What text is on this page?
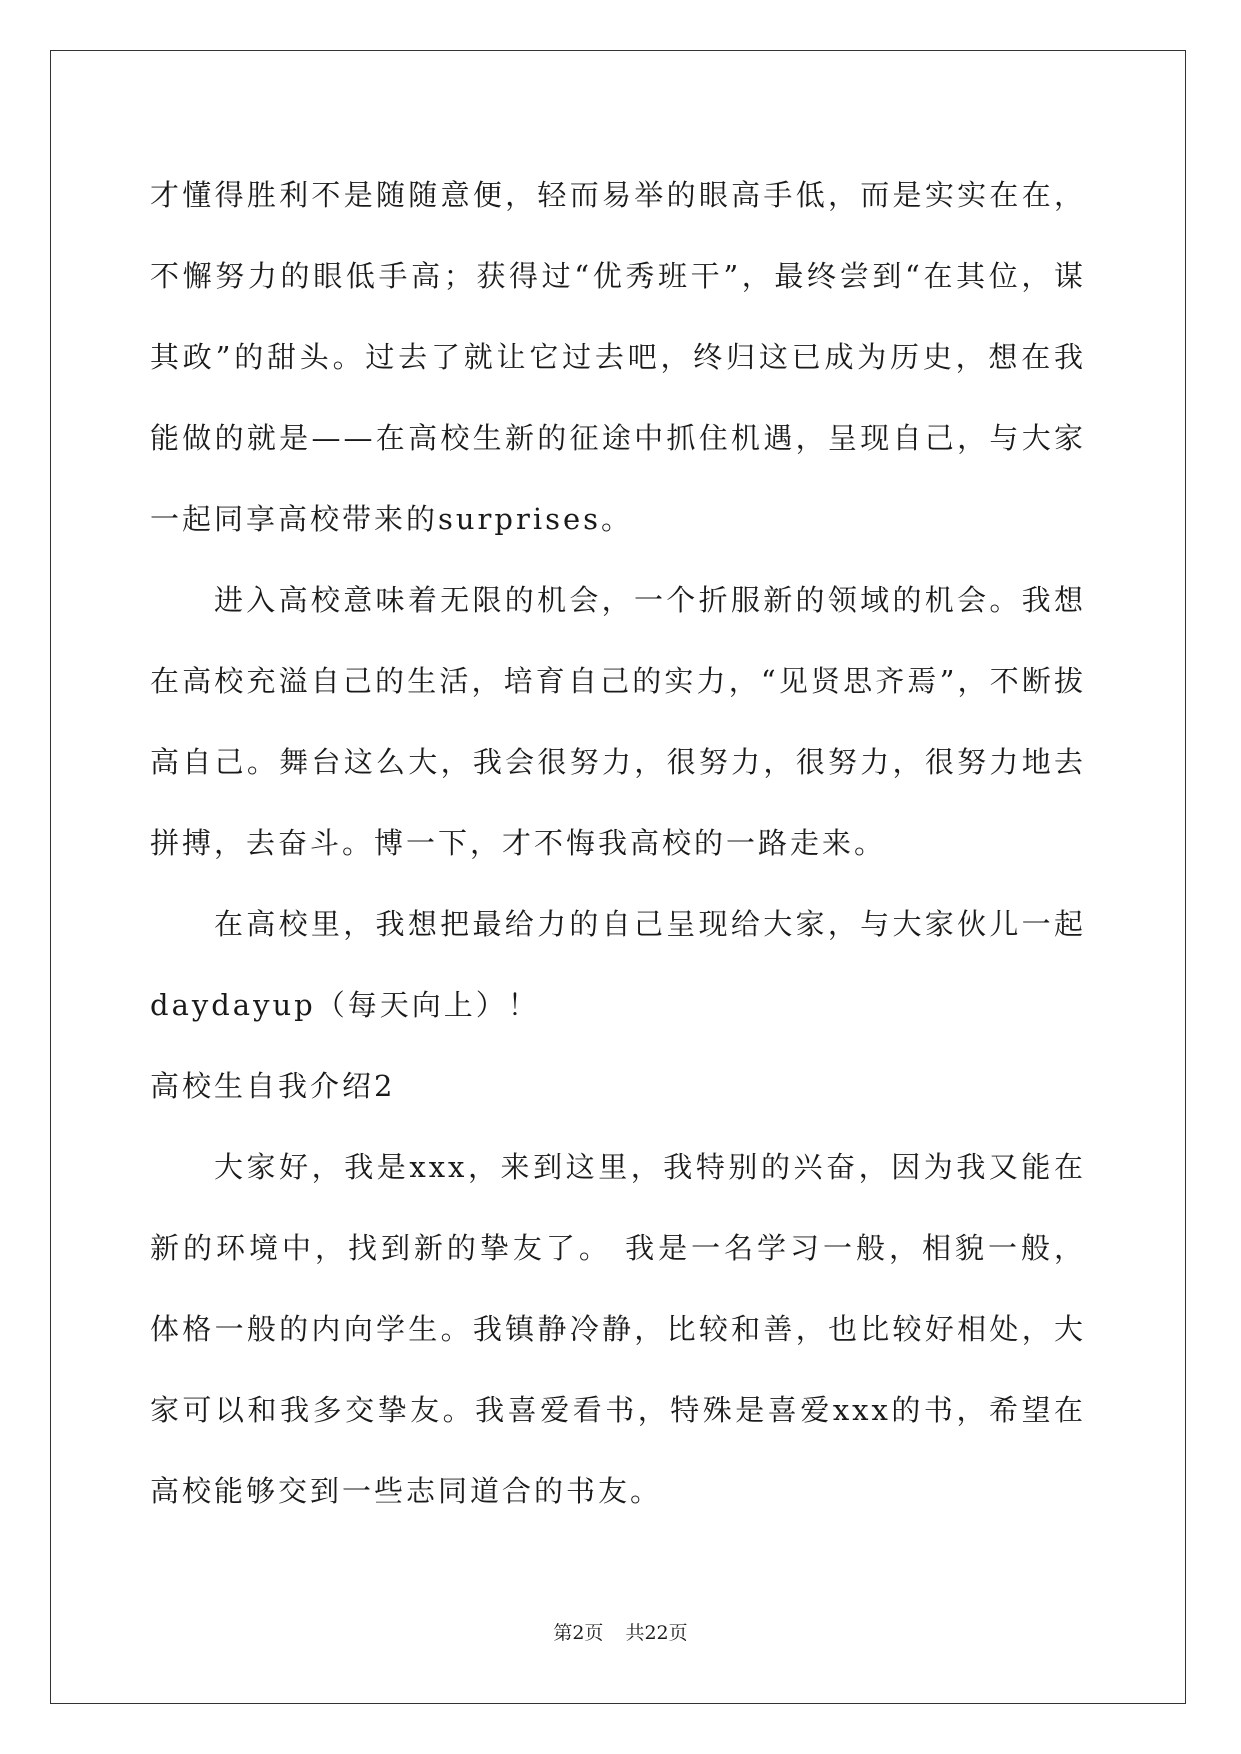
才懂得胜利不是随随意便，轻而易举的眼高手低，而是实实在在，不懈努力的眼低手高；获得过“优秀班干”，最终尝到“在其位，谋其政”的甜头。过去了就让它过去吧，终归这已成为历史，想在我能做的就是——在高校生新的征途中抓住机遇，呈现自己，与大家一起同享高校带来的surprises。

进入高校意味着无限的机会，一个折服新的领域的机会。我想在高校充溢自己的生活，培育自己的实力，“见贤思齐焉”，不断拔高自己。舞台这么大，我会很努力，很努力，很努力，很努力地去拼搏，去奋斗。博一下，才不悔我高校的一路走来。

在高校里，我想把最给力的自己呈现给大家，与大家伙儿一起daydayup（每天向上）！

高校生自我介绍2

大家好，我是xxx，来到这里，我特别的兴奋，因为我又能在新的环境中，找到新的挚友了。 我是一名学习一般，相貌一般，体格一般的内向学生。我镇静冷静，比较和善，也比较好相处，大家可以和我多交挚友。我喜爱看书，特殊是喜爱xxx的书，希望在高校能够交到一些志同道合的书友。

第2页 共22页
